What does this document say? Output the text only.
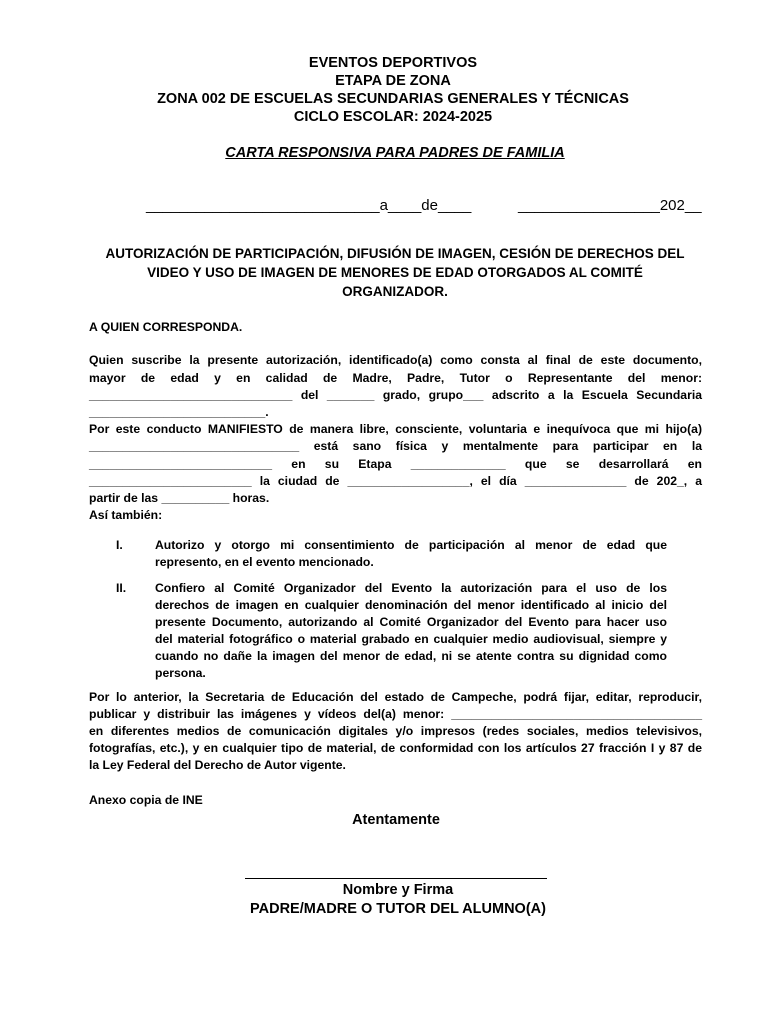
EVENTOS DEPORTIVOS
ETAPA DE ZONA
ZONA 002 DE ESCUELAS SECUNDARIAS GENERALES Y TÉCNICAS
CICLO ESCOLAR: 2024-2025
CARTA RESPONSIVA PARA PADRES DE FAMILIA
____________________________a____de____	_________________202__
AUTORIZACIÓN DE PARTICIPACIÓN, DIFUSIÓN DE IMAGEN, CESIÓN DE DERECHOS DEL
VIDEO Y USO DE IMAGEN DE MENORES DE EDAD OTORGADOS AL COMITÉ
ORGANIZADOR.
A QUIEN CORRESPONDA.
Quien suscribe la presente autorización, identificado(a) como consta al final de este documento,
mayor de edad y en calidad de Madre, Padre, Tutor o Representante del menor:
______________________________ del _______ grado, grupo___ adscrito a la Escuela Secundaria
__________________________.
Por este conducto MANIFIESTO de manera libre, consciente, voluntaria e inequívoca que mi hijo(a)
_______________________________ está sano física y mentalmente para participar en la
___________________________ en su Etapa ______________ que se desarrollará en
________________________ la ciudad de __________________, el día _______________ de 202_, a
partir de las __________ horas.
Así también:
I.	Autorizo y otorgo mi consentimiento de participación al menor de edad que
represento, en el evento mencionado.
II. Confiero al Comité Organizador del Evento la autorización para el uso de los
derechos de imagen en cualquier denominación del menor identificado al inicio del
presente Documento, autorizando al Comité Organizador del Evento para hacer uso
del material fotográfico o material grabado en cualquier medio audiovisual, siempre y
cuando no dañe la imagen del menor de edad, ni se atente contra su dignidad como
persona.
Por lo anterior, la Secretaria de Educación del estado de Campeche, podrá fijar, editar, reproducir,
publicar y distribuir las imágenes y vídeos del(a) menor: _____________________________________
en diferentes medios de comunicación digitales y/o impresos (redes sociales, medios televisivos,
fotografías, etc.), y en cualquier tipo de material, de conformidad con los artículos 27 fracción I y 87 de
la Ley Federal del Derecho de Autor vigente.
Anexo copia de INE
Atentamente
Nombre y Firma
PADRE/MADRE O TUTOR DEL ALUMNO(A)
